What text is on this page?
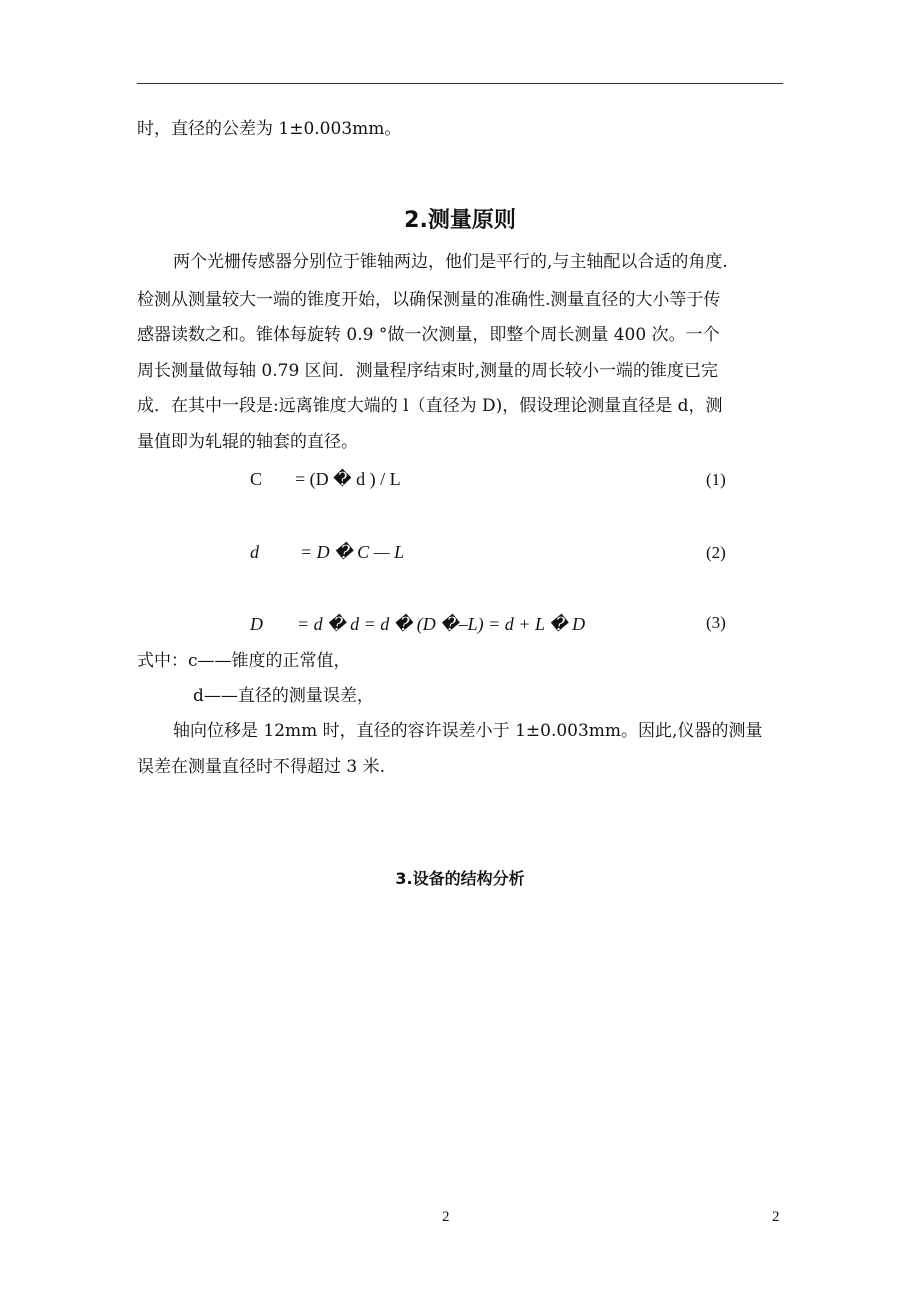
时，直径的公差为 1±0.003mm。
2.测量原则
两个光栅传感器分别位于锥轴两边，他们是平行的,与主轴配以合适的角度.
检测从测量较大一端的锥度开始，以确保测量的准确性.测量直径的大小等于传
感器读数之和。锥体每旋转 0.9 °做一次测量，即整个周长测量 400 次。一个
周长测量做每轴 0.79 区间．测量程序结束时,测量的周长较小一端的锥度已完
成．在其中一段是:远离锥度大端的 l（直径为 D)，假设理论测量直径是 d，测
量值即为轧辊的轴套的直径。
C = (D � d ) / L	(1)
d = D � C — L	(2)
D = d � d = d � (D �–L) = d + L � D	(3)
式中：c——锥度的正常值，
d——直径的测量误差，
轴向位移是 12mm 时，直径的容许误差小于 1±0.003mm。因此,仪器的测量
误差在测量直径时不得超过 3 米.
3.设备的结构分析
2	2
